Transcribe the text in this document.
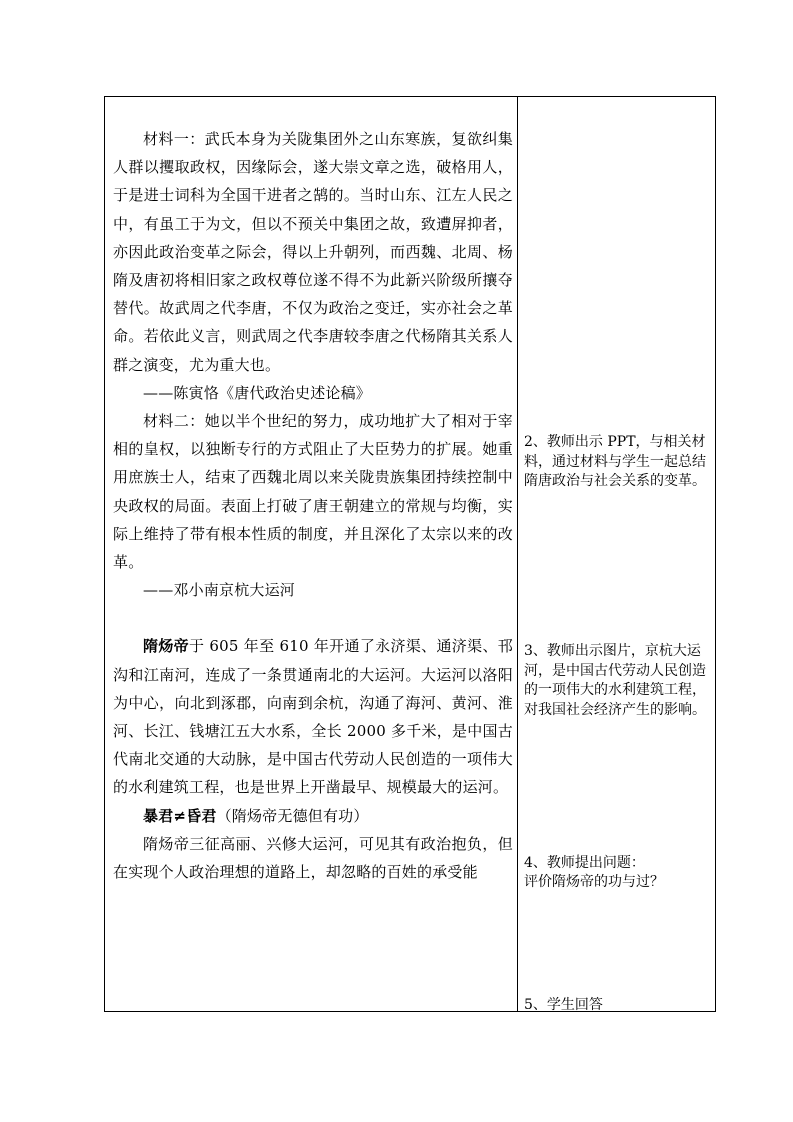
材料一：武氏本身为关陇集团外之山东寒族，复欲纠集人群以攫取政权，因缘际会，遂大崇文章之选，破格用人，于是进士词科为全国干进者之鹄的。当时山东、江左人民之中，有虽工于为文，但以不预关中集团之故，致遭屏抑者，亦因此政治变革之际会，得以上升朝列，而西魏、北周、杨隋及唐初将相旧家之政权尊位遂不得不为此新兴阶级所攘夺替代。故武周之代李唐，不仅为政治之变迁，实亦社会之革命。若依此义言，则武周之代李唐较李唐之代杨隋其关系人群之演变，尤为重大也。

——陈寅恪《唐代政治史述论稿》

材料二：她以半个世纪的努力，成功地扩大了相对于宰相的皇权，以独断专行的方式阻止了大臣势力的扩展。她重用庶族士人，结束了西魏北周以来关陇贵族集团持续控制中央政权的局面。表面上打破了唐王朝建立的常规与均衡，实际上维持了带有根本性质的制度，并且深化了太宗以来的改革。

——邓小南京杭大运河

隋炀帝于 605 年至 610 年开通了永济渠、通济渠、邗沟和江南河，连成了一条贯通南北的大运河。大运河以洛阳为中心，向北到涿郡，向南到余杭，沟通了海河、黄河、淮河、长江、钱塘江五大水系，全长 2000 多千米，是中国古代南北交通的大动脉，是中国古代劳动人民创造的一项伟大的水利建筑工程，也是世界上开凿最早、规模最大的运河。

暴君≠昏君（隋炀帝无德但有功）

隋炀帝三征高丽、兴修大运河，可见其有政治抱负，但在实现个人政治理想的道路上，却忽略的百姓的承受能

2、教师出示 PPT，与相关材料，通过材料与学生一起总结隋唐政治与社会关系的变革。

3、教师出示图片，京杭大运河，是中国古代劳动人民创造的一项伟大的水利建筑工程，对我国社会经济产生的影响。

4、教师提出问题：

评价隋炀帝的功与过？

5、学生回答
